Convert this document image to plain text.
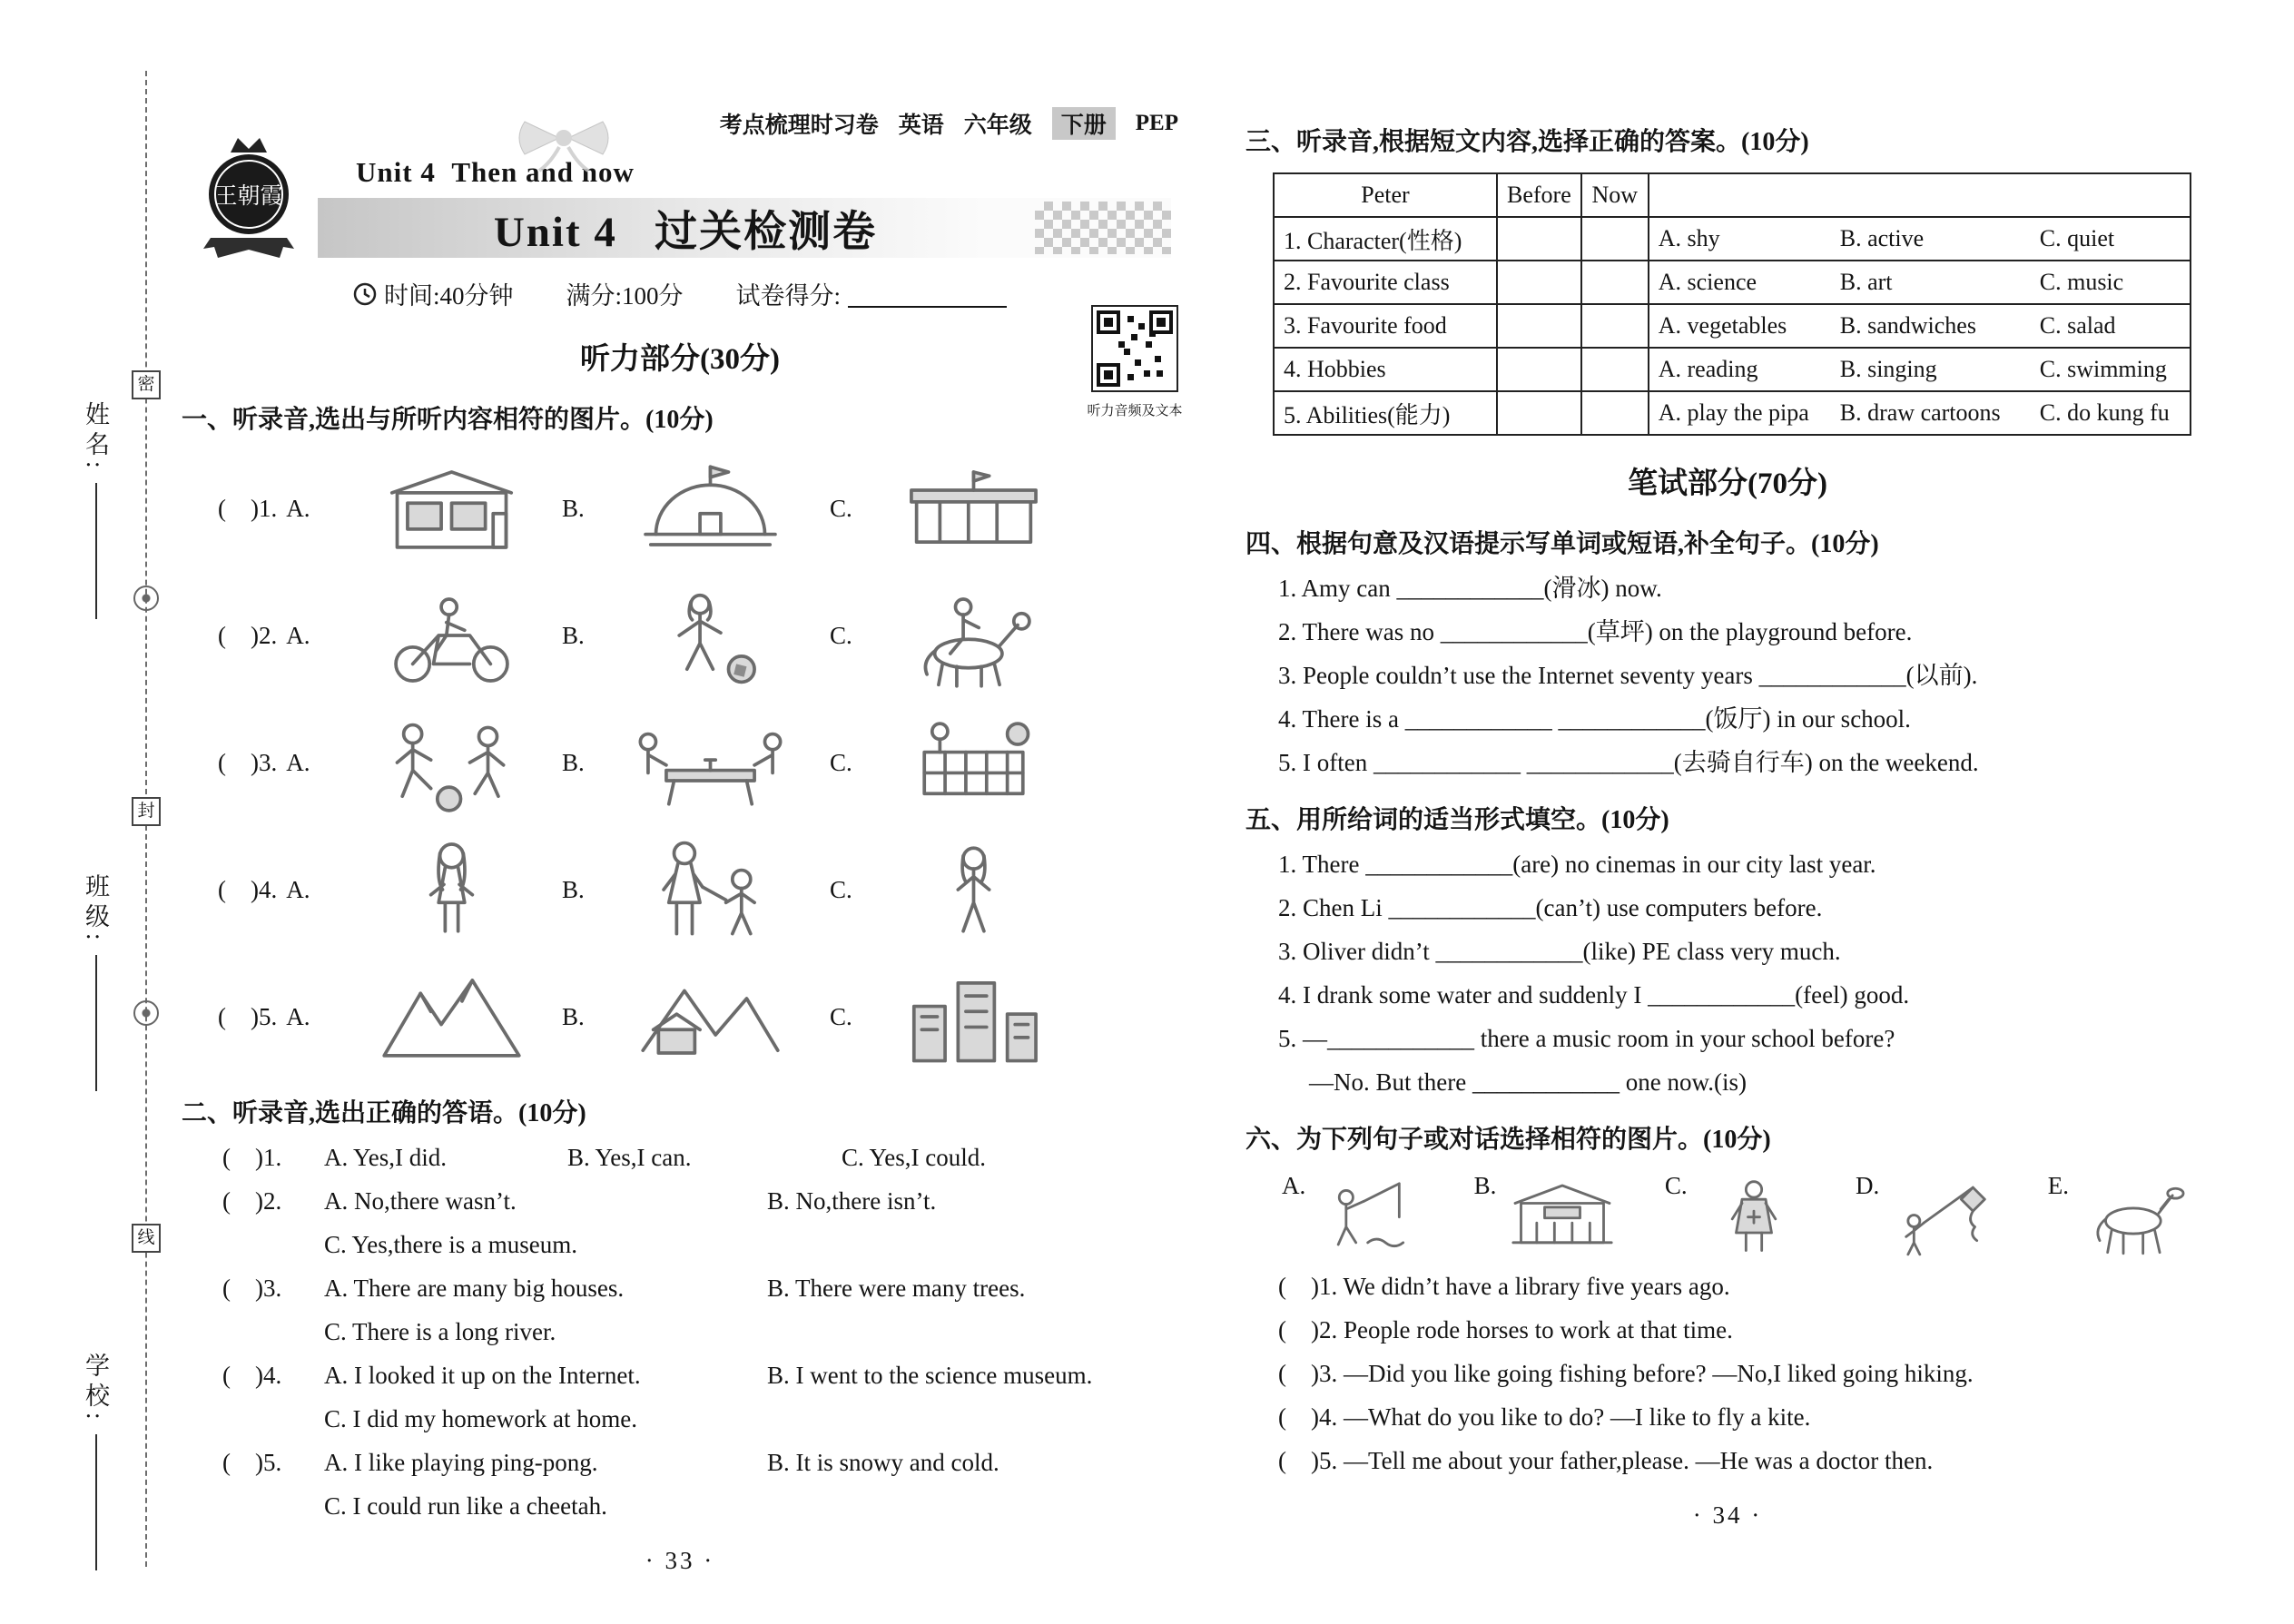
密
姓名:
封
班级:
线
学校:
考点梳理时习卷 英语 六年级	下册	PEP
王朝霞
Unit 4  Then and now
Unit 4   过关检测卷
时间:40分钟 满分:100分 试卷得分:
听力部分(30分)
听力音频及文本
一、听录音,选出与所听内容相符的图片。(10分)
(    )1. A.	B.	C.
(    )2. A.	B.	C.
(    )3. A.	B.	C.
(    )4. A.	B.	C.
(    )5. A.	B.	C.
二、听录音,选出正确的答语。(10分)
(    )1.	A. Yes,I did.	B. Yes,I can.	C. Yes,I could.
(    )2.	A. No,there wasn’t.	B. No,there isn’t.
C. Yes,there is a museum.
(    )3.	A. There are many big houses.	B. There were many trees.
C. There is a long river.
(    )4.	A. I looked it up on the Internet.	B. I went to the science museum.
C. I did my homework at home.
(    )5.	A. I like playing ping-pong.	B. It is snowy and cold.
C. I could run like a cheetah.
· 33 ·
三、听录音,根据短文内容,选择正确的答案。(10分)
Peter	Before	Now	
1. Character(性格)			A. shy B. active C. quiet

2. Favourite class			A. science B. art C. music

3. Favourite food			A. vegetables B. sandwiches C. salad

4. Hobbies			A. reading B. singing C. swimming

5. Abilities(能力)			A. play the pipa B. draw cartoons C. do kung fu
笔试部分(70分)
四、根据句意及汉语提示写单词或短语,补全句子。(10分)
1. Amy can ____________(滑冰) now.
2. There was no ____________(草坪) on the playground before.
3. People couldn’t use the Internet seventy years ____________(以前).
4. There is a ____________ ____________(饭厅) in our school.
5. I often ____________ ____________(去骑自行车) on the weekend.
五、用所给词的适当形式填空。(10分)
1. There ____________(are) no cinemas in our city last year.
2. Chen Li ____________(can’t) use computers before.
3. Oliver didn’t ____________(like) PE class very much.
4. I drank some water and suddenly I ____________(feel) good.
5. —____________ there a music room in your school before?
—No. But there ____________ one now.(is)
六、为下列句子或对话选择相符的图片。(10分)
A.	B.	C.	D.	E.
(    )1. We didn’t have a library five years ago.
(    )2. People rode horses to work at that time.
(    )3. —Did you like going fishing before? —No,I liked going hiking.
(    )4. —What do you like to do? —I like to fly a kite.
(    )5. —Tell me about your father,please. —He was a doctor then.
· 34 ·
